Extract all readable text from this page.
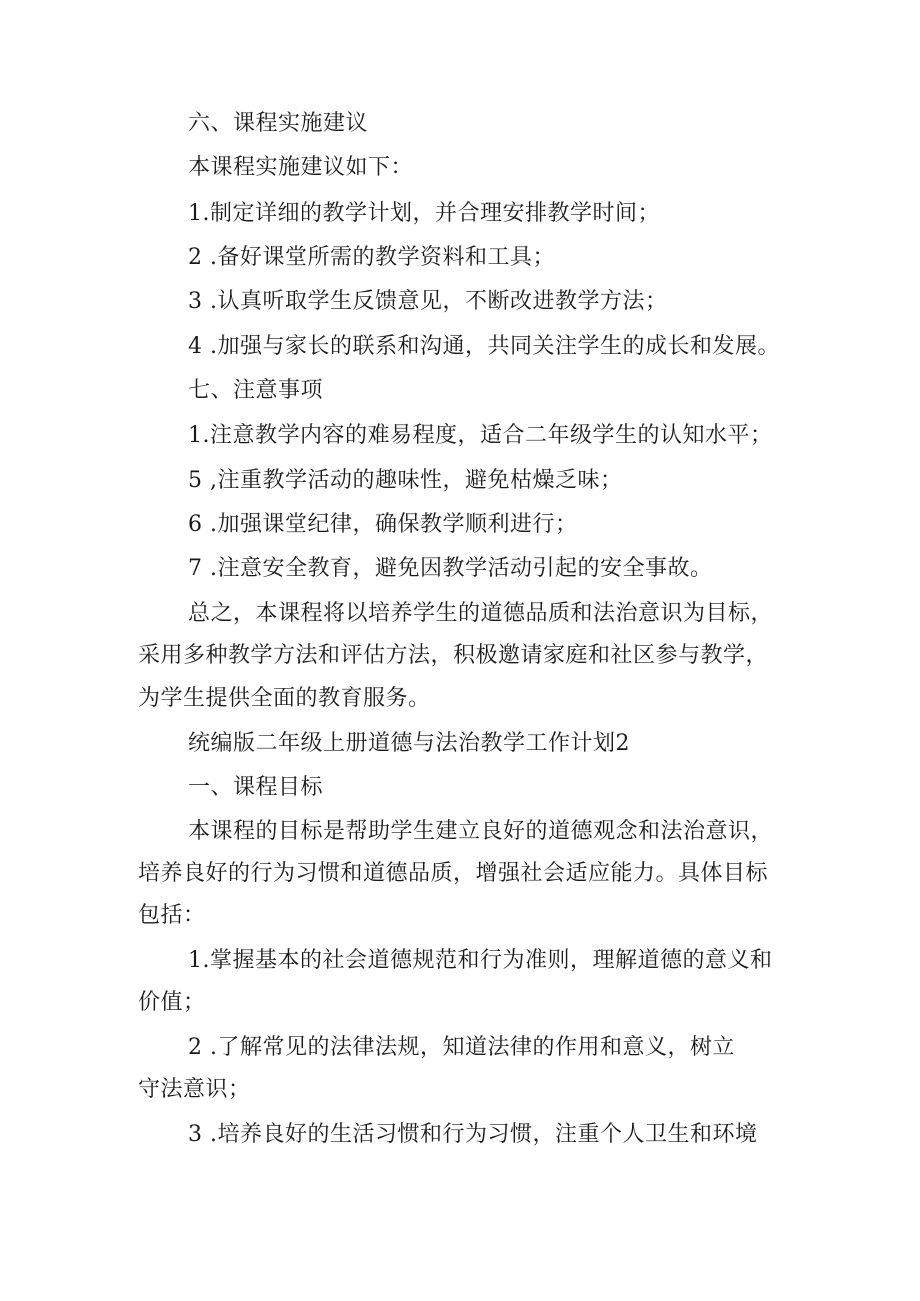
六、课程实施建议
本课程实施建议如下：
1.制定详细的教学计划，并合理安排教学时间；
2 .备好课堂所需的教学资料和工具；
3 .认真听取学生反馈意见，不断改进教学方法；
4 .加强与家长的联系和沟通，共同关注学生的成长和发展。
七、注意事项
1.注意教学内容的难易程度，适合二年级学生的认知水平；
5 ,注重教学活动的趣味性，避免枯燥乏味；
6 .加强课堂纪律，确保教学顺利进行；
7 .注意安全教育，避免因教学活动引起的安全事故。
总之，本课程将以培养学生的道德品质和法治意识为目标，
采用多种教学方法和评估方法，积极邀请家庭和社区参与教学，
为学生提供全面的教育服务。
统编版二年级上册道德与法治教学工作计划2
一、课程目标
本课程的目标是帮助学生建立良好的道德观念和法治意识，
培养良好的行为习惯和道德品质，增强社会适应能力。具体目标
包括：
1.掌握基本的社会道德规范和行为准则，理解道德的意义和
价值；
2 .了解常见的法律法规，知道法律的作用和意义，树立
守法意识；
3 .培养良好的生活习惯和行为习惯，注重个人卫生和环境
